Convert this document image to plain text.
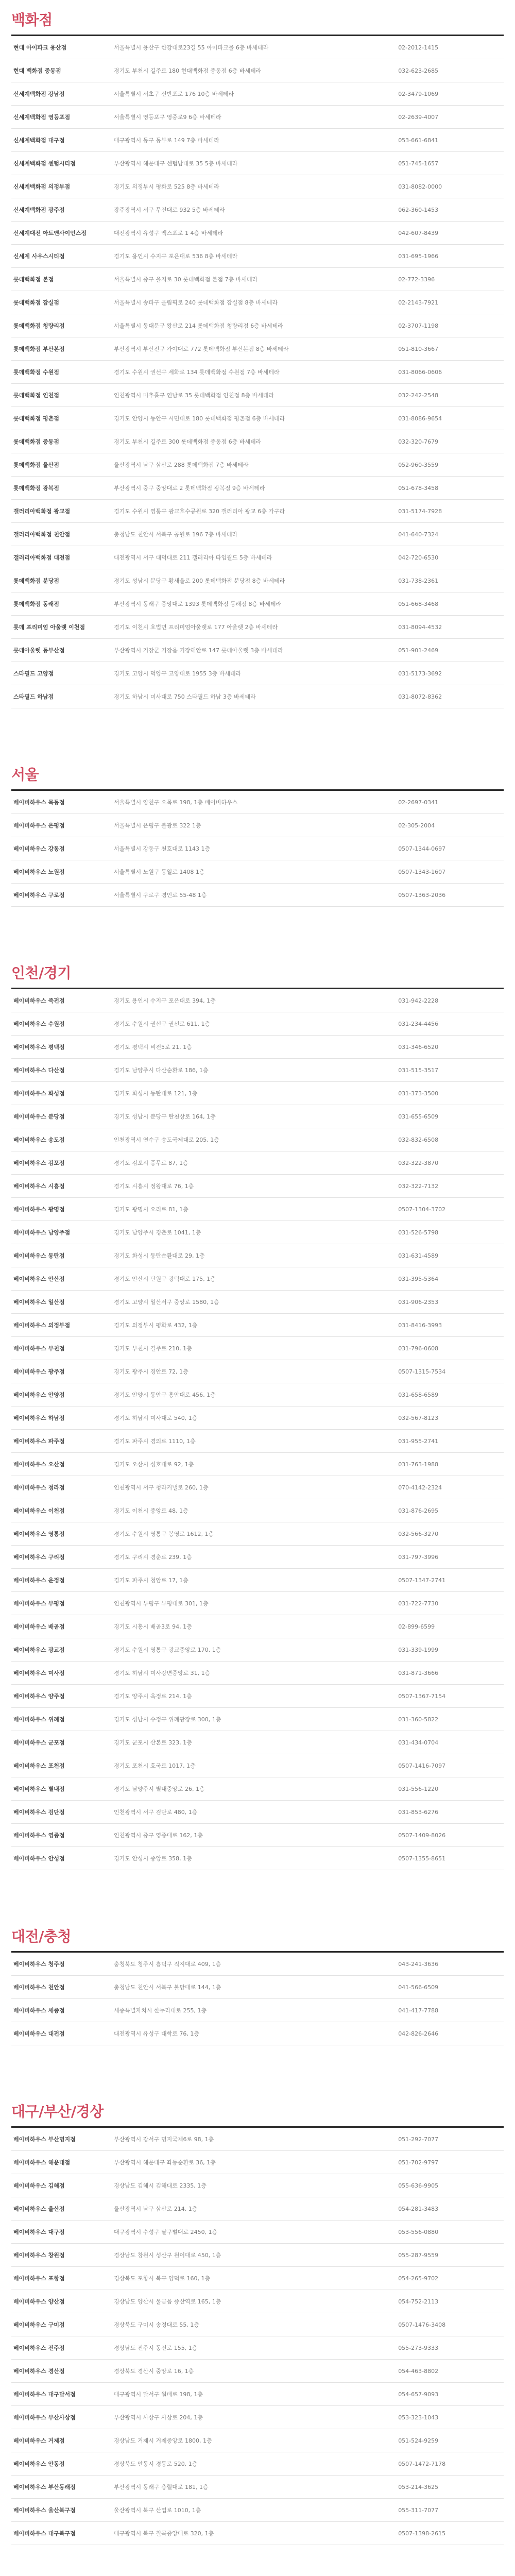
백화점
현대 아이파크 용산점	서울특별시 용산구 한강대로23길 55 아이파크몰 6층 바세테라	02-2012-1415
현대 백화점 중동점	경기도 부천시 길주로 180 현대백화점 중동점 6층 바세테라	032-623-2685
신세계백화점 강남점	서울특별시 서초구 신반포로 176 10층 바세테라	02-3479-1069
신세계백화점 영등포점	서울특별시 영등포구 영중로9 6층 바세테라	02-2639-4007
신세계백화점 대구점	대구광역시 동구 동부로 149 7층 바세테라	053-661-6841
신세계백화점 센텀시티점	부산광역시 해운대구 센텀남대로 35 5층 바세테라	051-745-1657
신세계백화점 의정부점	경기도 의정부시 평화로 525 8층 바세테라	031-8082-0000
신세계백화점 광주점	광주광역시 서구 무진대로 932 5층 바세테라	062-360-1453
신세계대전 아트앤사이언스점	대전광역시 유성구 엑스포로 1 4층 바세테라	042-607-8439
신세계 사우스시티점	경기도 용인시 수지구 포은대로 536 8층 바세테라	031-695-1966
롯데백화점 본점	서울특별시 중구 을지로 30 롯데백화점 본점 7층 바세테라	02-772-3396
롯데백화점 잠실점	서울특별시 송파구 올림픽로 240 롯데백화점 잠실점 8층 바세테라	02-2143-7921
롯데백화점 청량리점	서울특별시 동대문구 왕산로 214 롯데백화점 청량리점 6층 바세테라	02-3707-1198
롯데백화점 부산본점	부산광역시 부산진구 가야대로 772 롯데백화점 부산본점 8층 바세테라	051-810-3667
롯데백화점 수원점	경기도 수원시 권선구 세화로 134 롯데백화점 수원점 7층 바세테라	031-8066-0606
롯데백화점 인천점	인천광역시 미추홀구 연남로 35 롯데백화점 인천점 8층 바세테라	032-242-2548
롯데백화점 평촌점	경기도 안양시 동안구 시민대로 180 롯데백화점 평촌점 6층 바세테라	031-8086-9654
롯데백화점 중동점	경기도 부천시 길주로 300 롯데백화점 중동점 6층 바세테라	032-320-7679
롯데백화점 울산점	울산광역시 남구 삼산로 288 롯데백화점 7층 바세테라	052-960-3559
롯데백화점 광복점	부산광역시 중구 중앙대로 2 롯데백화점 광복점 9층 바세테라	051-678-3458
갤러리아백화점 광교점	경기도 수원시 영통구 광교호수공원로 320 갤러리아 광교 6층 가구라	031-5174-7928
갤러리아백화점 천안점	충청남도 천안시 서북구 공원로 196 7층 바세테라	041-640-7324
갤러리아백화점 대전점	대전광역시 서구 대덕대로 211 갤러리아 타임월드 5층 바세테라	042-720-6530
롯데백화점 분당점	경기도 성남시 분당구 황새울로 200 롯데백화점 분당점 8층 바세테라	031-738-2361
롯데백화점 동래점	부산광역시 동래구 중앙대로 1393 롯데백화점 동래점 8층 바세테라	051-668-3468
롯데 프리미엄 아울렛 이천점	경기도 이천시 호법면 프리미엄아울렛로 177 아울렛 2층 바세테라	031-8094-4532
롯데아울렛 동부산점	부산광역시 기장군 기장읍 기장해안로 147 롯데아울렛 3층 바세테라	051-901-2469
스타필드 고양점	경기도 고양시 덕양구 고양대로 1955 3층 바세테라	031-5173-3692
스타필드 하남점	경기도 하남시 미사대로 750 스타필드 하남 3층 바세테라	031-8072-8362
서울
베이비하우스 목동점	서울특별시 양천구 오목로 198, 1층 베이비하우스	02-2697-0341
베이비하우스 은평점	서울특별시 은평구 불광로 322 1층	02-305-2004
베이비하우스 강동점	서울특별시 강동구 천호대로 1143 1층	0507-1344-0697
베이비하우스 노원점	서울특별시 노원구 동일로 1408 1층	0507-1343-1607
베이비하우스 구로점	서울특별시 구로구 경인로 55-48 1층	0507-1363-2036
인천/경기
베이비하우스 죽전점	경기도 용인시 수지구 포은대로 394, 1층	031-942-2228
베이비하우스 수원점	경기도 수원시 권선구 권선로 611, 1층	031-234-4456
베이비하우스 평택점	경기도 평택시 비전5로 21, 1층	031-346-6520
베이비하우스 다산점	경기도 남양주시 다산순환로 186, 1층	031-515-3517
베이비하우스 화성점	경기도 화성시 동탄대로 121, 1층	031-373-3500
베이비하우스 분당점	경기도 성남시 분당구 탄천상로 164, 1층	031-655-6509
베이비하우스 송도점	인천광역시 연수구 송도국제대로 205, 1층	032-832-6508
베이비하우스 김포점	경기도 김포시 풍무로 87, 1층	032-322-3870
베이비하우스 시흥점	경기도 시흥시 정왕대로 76, 1층	032-322-7132
베이비하우스 광명점	경기도 광명시 오리로 81, 1층	0507-1304-3702
베이비하우스 남양주점	경기도 남양주시 경춘로 1041, 1층	031-526-5798
베이비하우스 동탄점	경기도 화성시 동탄순환대로 29, 1층	031-631-4589
베이비하우스 안산점	경기도 안산시 단원구 광덕대로 175, 1층	031-395-5364
베이비하우스 일산점	경기도 고양시 일산서구 중앙로 1580, 1층	031-906-2353
베이비하우스 의정부점	경기도 의정부시 평화로 432, 1층	031-8416-3993
베이비하우스 부천점	경기도 부천시 길주로 210, 1층	031-796-0608
베이비하우스 광주점	경기도 광주시 경안로 72, 1층	0507-1315-7534
베이비하우스 안양점	경기도 안양시 동안구 흥안대로 456, 1층	031-658-6589
베이비하우스 하남점	경기도 하남시 미사대로 540, 1층	032-567-8123
베이비하우스 파주점	경기도 파주시 경의로 1110, 1층	031-955-2741
베이비하우스 오산점	경기도 오산시 성호대로 92, 1층	031-763-1988
베이비하우스 청라점	인천광역시 서구 청라커낼로 260, 1층	070-4142-2324
베이비하우스 이천점	경기도 이천시 중앙로 48, 1층	031-876-2695
베이비하우스 영통점	경기도 수원시 영통구 봉영로 1612, 1층	032-566-3270
베이비하우스 구리점	경기도 구리시 경춘로 239, 1층	031-797-3996
베이비하우스 운정점	경기도 파주시 청암로 17, 1층	0507-1347-2741
베이비하우스 부평점	인천광역시 부평구 부평대로 301, 1층	031-722-7730
베이비하우스 배곧점	경기도 시흥시 배곧3로 94, 1층	02-899-6599
베이비하우스 광교점	경기도 수원시 영통구 광교중앙로 170, 1층	031-339-1999
베이비하우스 미사점	경기도 하남시 미사강변중앙로 31, 1층	031-871-3666
베이비하우스 양주점	경기도 양주시 옥정로 214, 1층	0507-1367-7154
베이비하우스 위례점	경기도 성남시 수정구 위례광장로 300, 1층	031-360-5822
베이비하우스 군포점	경기도 군포시 산본로 323, 1층	031-434-0704
베이비하우스 포천점	경기도 포천시 호국로 1017, 1층	0507-1416-7097
베이비하우스 별내점	경기도 남양주시 별내중앙로 26, 1층	031-556-1220
베이비하우스 검단점	인천광역시 서구 검단로 480, 1층	031-853-6276
베이비하우스 영종점	인천광역시 중구 영종대로 162, 1층	0507-1409-8026
베이비하우스 안성점	경기도 안성시 중앙로 358, 1층	0507-1355-8651
대전/충청
베이비하우스 청주점	충청북도 청주시 흥덕구 직지대로 409, 1층	043-241-3636
베이비하우스 천안점	충청남도 천안시 서북구 불당대로 144, 1층	041-566-6509
베이비하우스 세종점	세종특별자치시 한누리대로 255, 1층	041-417-7788
베이비하우스 대전점	대전광역시 유성구 대학로 76, 1층	042-826-2646
대구/부산/경상
베이비하우스 부산명지점	부산광역시 강서구 명지국제6로 98, 1층	051-292-7077
베이비하우스 해운대점	부산광역시 해운대구 좌동순환로 36, 1층	051-702-9797
베이비하우스 김해점	경상남도 김해시 김해대로 2335, 1층	055-636-9905
베이비하우스 울산점	울산광역시 남구 삼산로 214, 1층	054-281-3483
베이비하우스 대구점	대구광역시 수성구 달구벌대로 2450, 1층	053-556-0880
베이비하우스 창원점	경상남도 창원시 성산구 원이대로 450, 1층	055-287-9559
베이비하우스 포항점	경상북도 포항시 북구 양덕로 160, 1층	054-265-9702
베이비하우스 양산점	경상남도 양산시 물금읍 증산역로 165, 1층	054-752-2113
베이비하우스 구미점	경상북도 구미시 송정대로 55, 1층	0507-1476-3408
베이비하우스 진주점	경상남도 진주시 동진로 155, 1층	055-273-9333
베이비하우스 경산점	경상북도 경산시 중앙로 16, 1층	054-463-8802
베이비하우스 대구달서점	대구광역시 달서구 월배로 198, 1층	054-657-9093
베이비하우스 부산사상점	부산광역시 사상구 사상로 204, 1층	053-323-1043
베이비하우스 거제점	경상남도 거제시 거제중앙로 1800, 1층	051-524-9259
베이비하우스 안동점	경상북도 안동시 경동로 520, 1층	0507-1472-7178
베이비하우스 부산동래점	부산광역시 동래구 충렬대로 181, 1층	053-214-3625
베이비하우스 울산북구점	울산광역시 북구 산업로 1010, 1층	055-311-7077
베이비하우스 대구북구점	대구광역시 북구 칠곡중앙대로 320, 1층	0507-1398-2615
